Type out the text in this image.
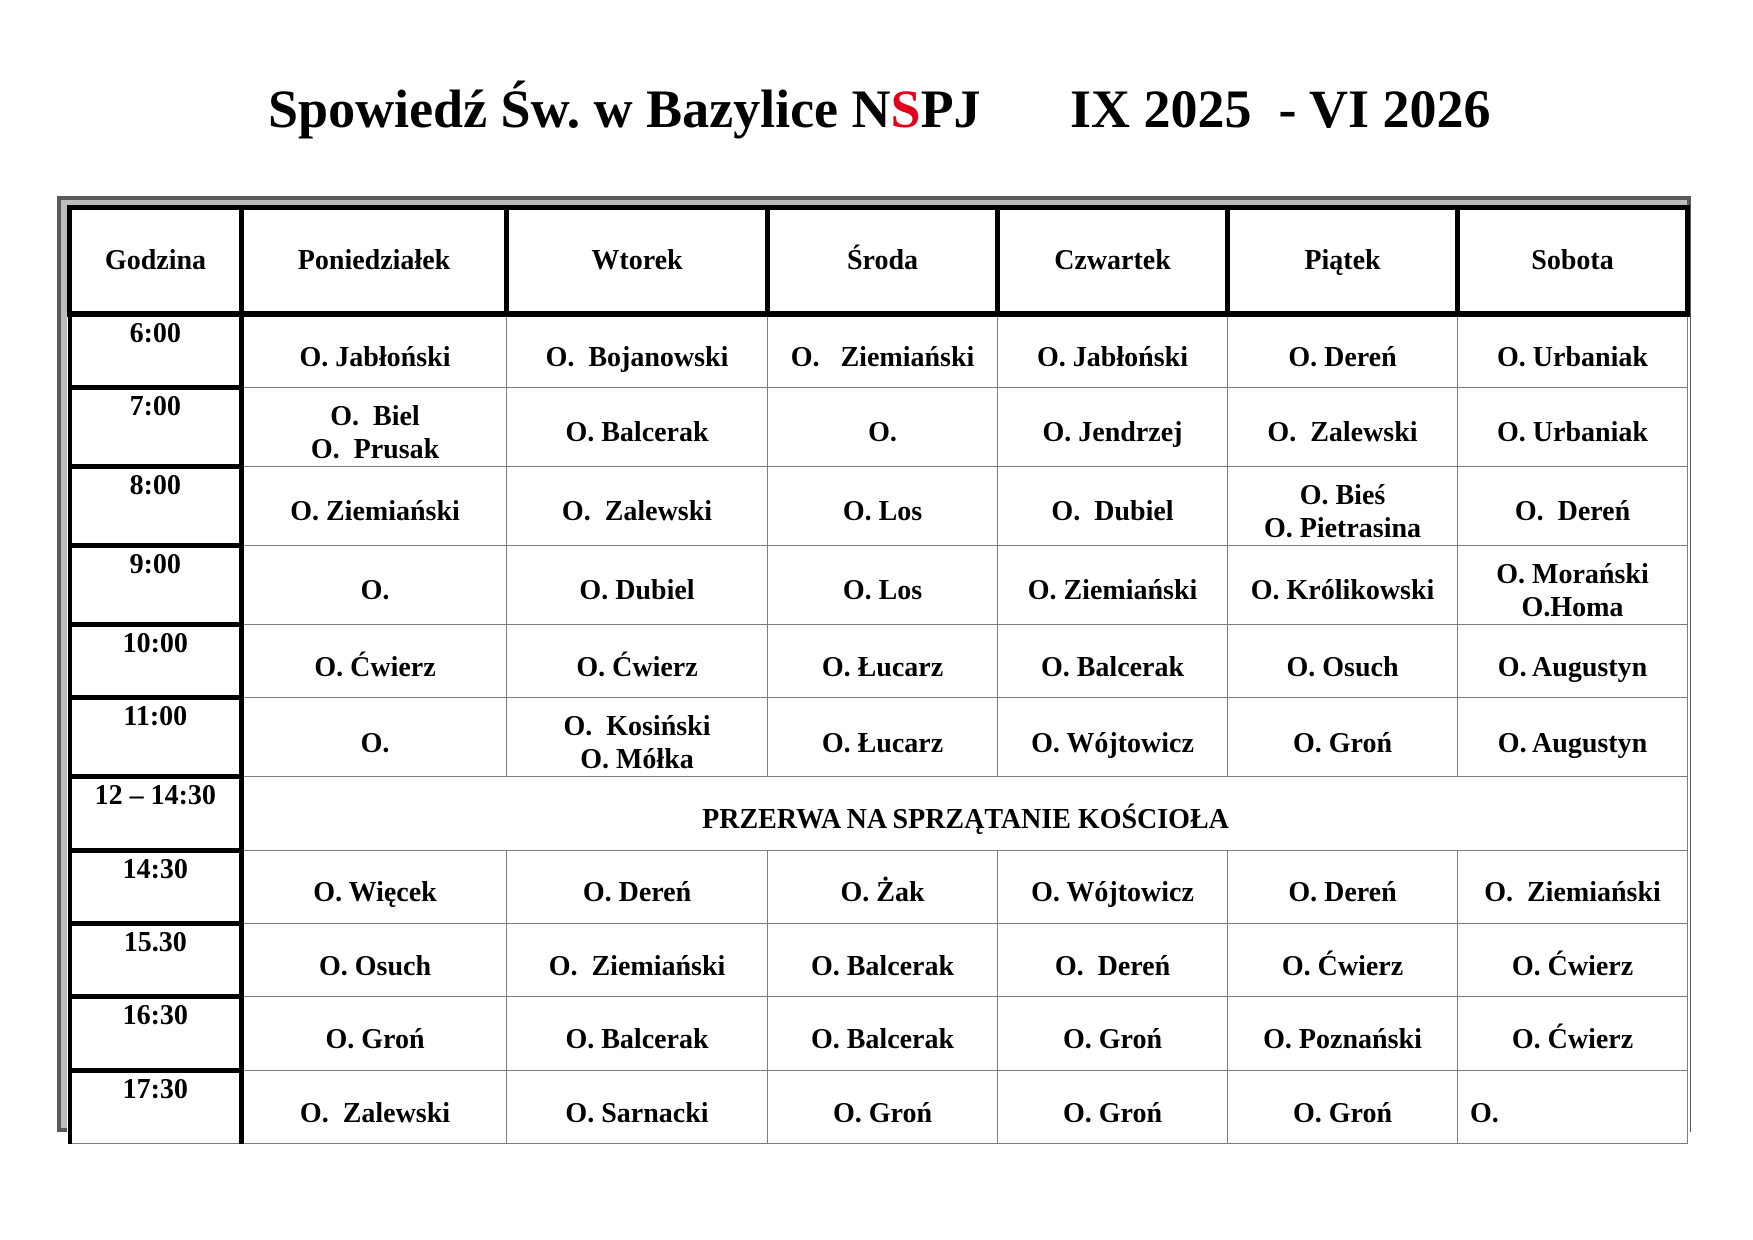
Spowiedź Św. w Bazylice NSPJ IX 2025  - VI 2026
Godzina	Poniedziałek	Wtorek	Środa	Czwartek	Piątek	Sobota
6:00	O. Jabłoński	O.  Bojanowski	O.   Ziemiański	O. Jabłoński	O. Dereń	O. Urbaniak
7:00	O.  Biel
O.  Prusak	O. Balcerak	O.	O. Jendrzej	O.  Zalewski	O. Urbaniak
8:00	O. Ziemiański	O.  Zalewski	O. Los	O.  Dubiel	O. Bieś
O. Pietrasina	O.  Dereń
9:00	O.	O. Dubiel	O. Los	O. Ziemiański	O. Królikowski	O. Morański
O.Homa
10:00	O. Ćwierz	O. Ćwierz	O. Łucarz	O. Balcerak	O. Osuch	O. Augustyn
11:00	O.	O.  Kosiński
O. Mółka	O. Łucarz	O. Wójtowicz	O. Groń	O. Augustyn
12 – 14:30	PRZERWA NA SPRZĄTANIE KOŚCIOŁA					
14:30	O. Więcek	O. Dereń	O. Żak	O. Wójtowicz	O. Dereń	O.  Ziemiański
15.30	O. Osuch	O.  Ziemiański	O. Balcerak	O.  Dereń	O. Ćwierz	O. Ćwierz
16:30	O. Groń	O. Balcerak	O. Balcerak	O. Groń	O. Poznański	O. Ćwierz
17:30	O.  Zalewski	O. Sarnacki	O. Groń	O. Groń	O. Groń	O.
